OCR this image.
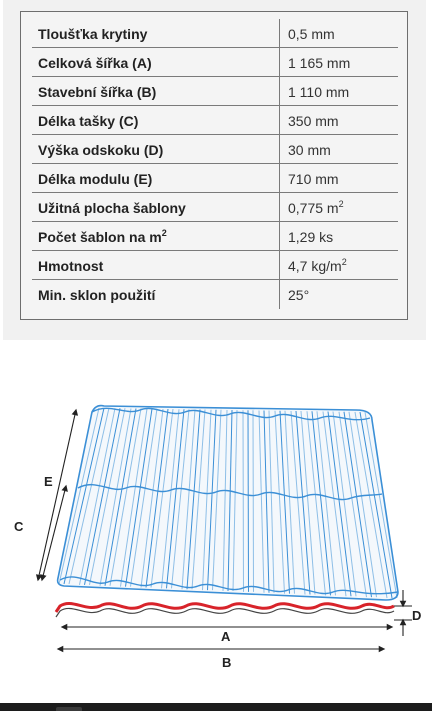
Tloušťka krytiny	0,5 mm
Celková šířka (A)	1 165 mm
Stavební šířka (B)	1 110 mm
Délka tašky (C)	350 mm
Výška odskoku (D)	30 mm
Délka modulu (E)	710 mm
Užitná plocha šablony	0,775 $m^2$
Počet šablon na $m^2$	1,29 ks
Hmotnost	4,7 $kg/m^2$
Min. sklon použití	25°
C
E
A
B
D
